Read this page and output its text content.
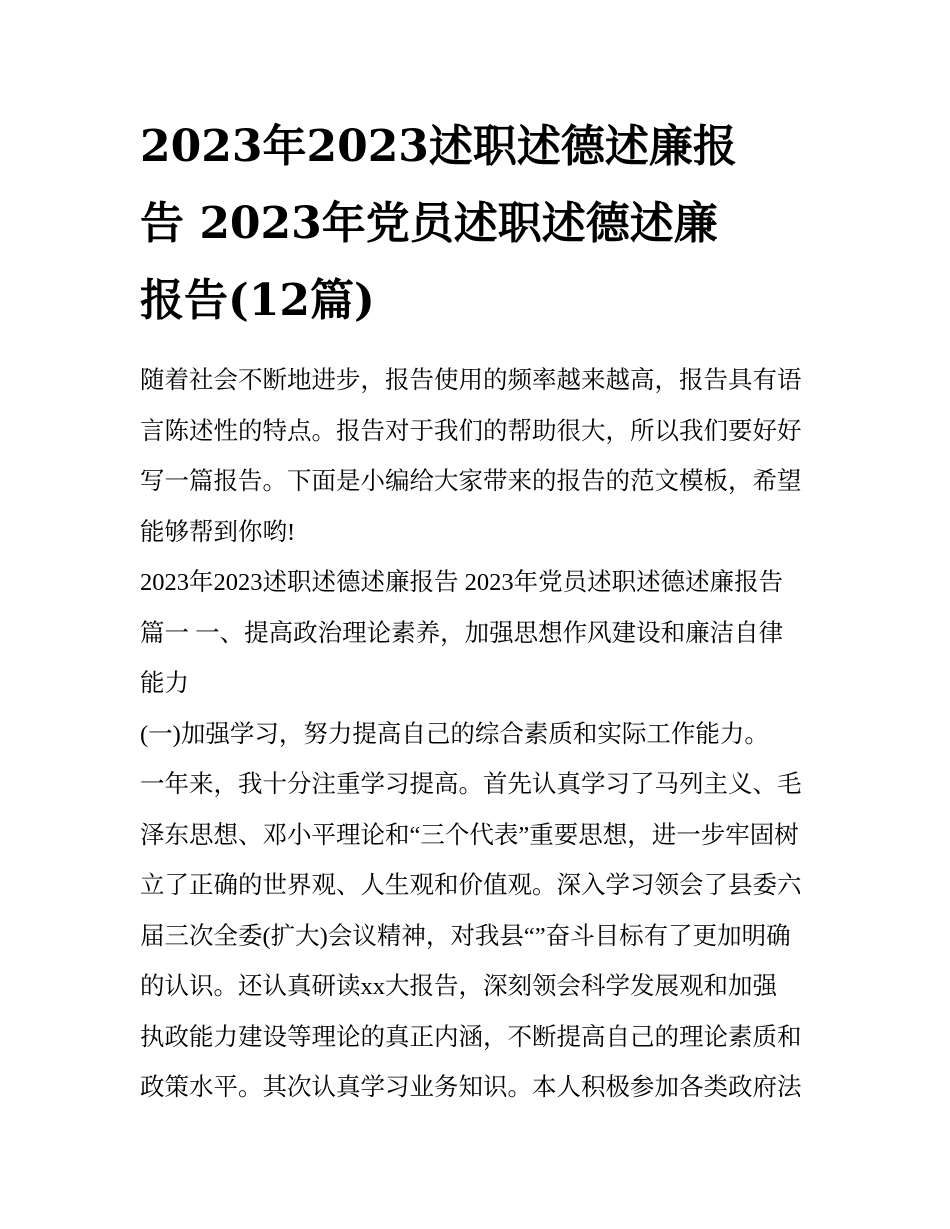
2023年2023述职述德述廉报
告 2023年党员述职述德述廉
报告(12篇)
随着社会不断地进步，报告使用的频率越来越高，报告具有语
言陈述性的特点。报告对于我们的帮助很大，所以我们要好好
写一篇报告。下面是小编给大家带来的报告的范文模板，希望
能够帮到你哟!
2023年2023述职述德述廉报告 2023年党员述职述德述廉报告
篇一 一、提高政治理论素养，加强思想作风建设和廉洁自律
能力
(一)加强学习，努力提高自己的综合素质和实际工作能力。
一年来，我十分注重学习提高。首先认真学习了马列主义、毛
泽东思想、邓小平理论和“三个代表”重要思想，进一步牢固树
立了正确的世界观、人生观和价值观。深入学习领会了县委六
届三次全委(扩大)会议精神，对我县“”奋斗目标有了更加明确
的认识。还认真研读xx大报告，深刻领会科学发展观和加强
执政能力建设等理论的真正内涵，不断提高自己的理论素质和
政策水平。其次认真学习业务知识。本人积极参加各类政府法
